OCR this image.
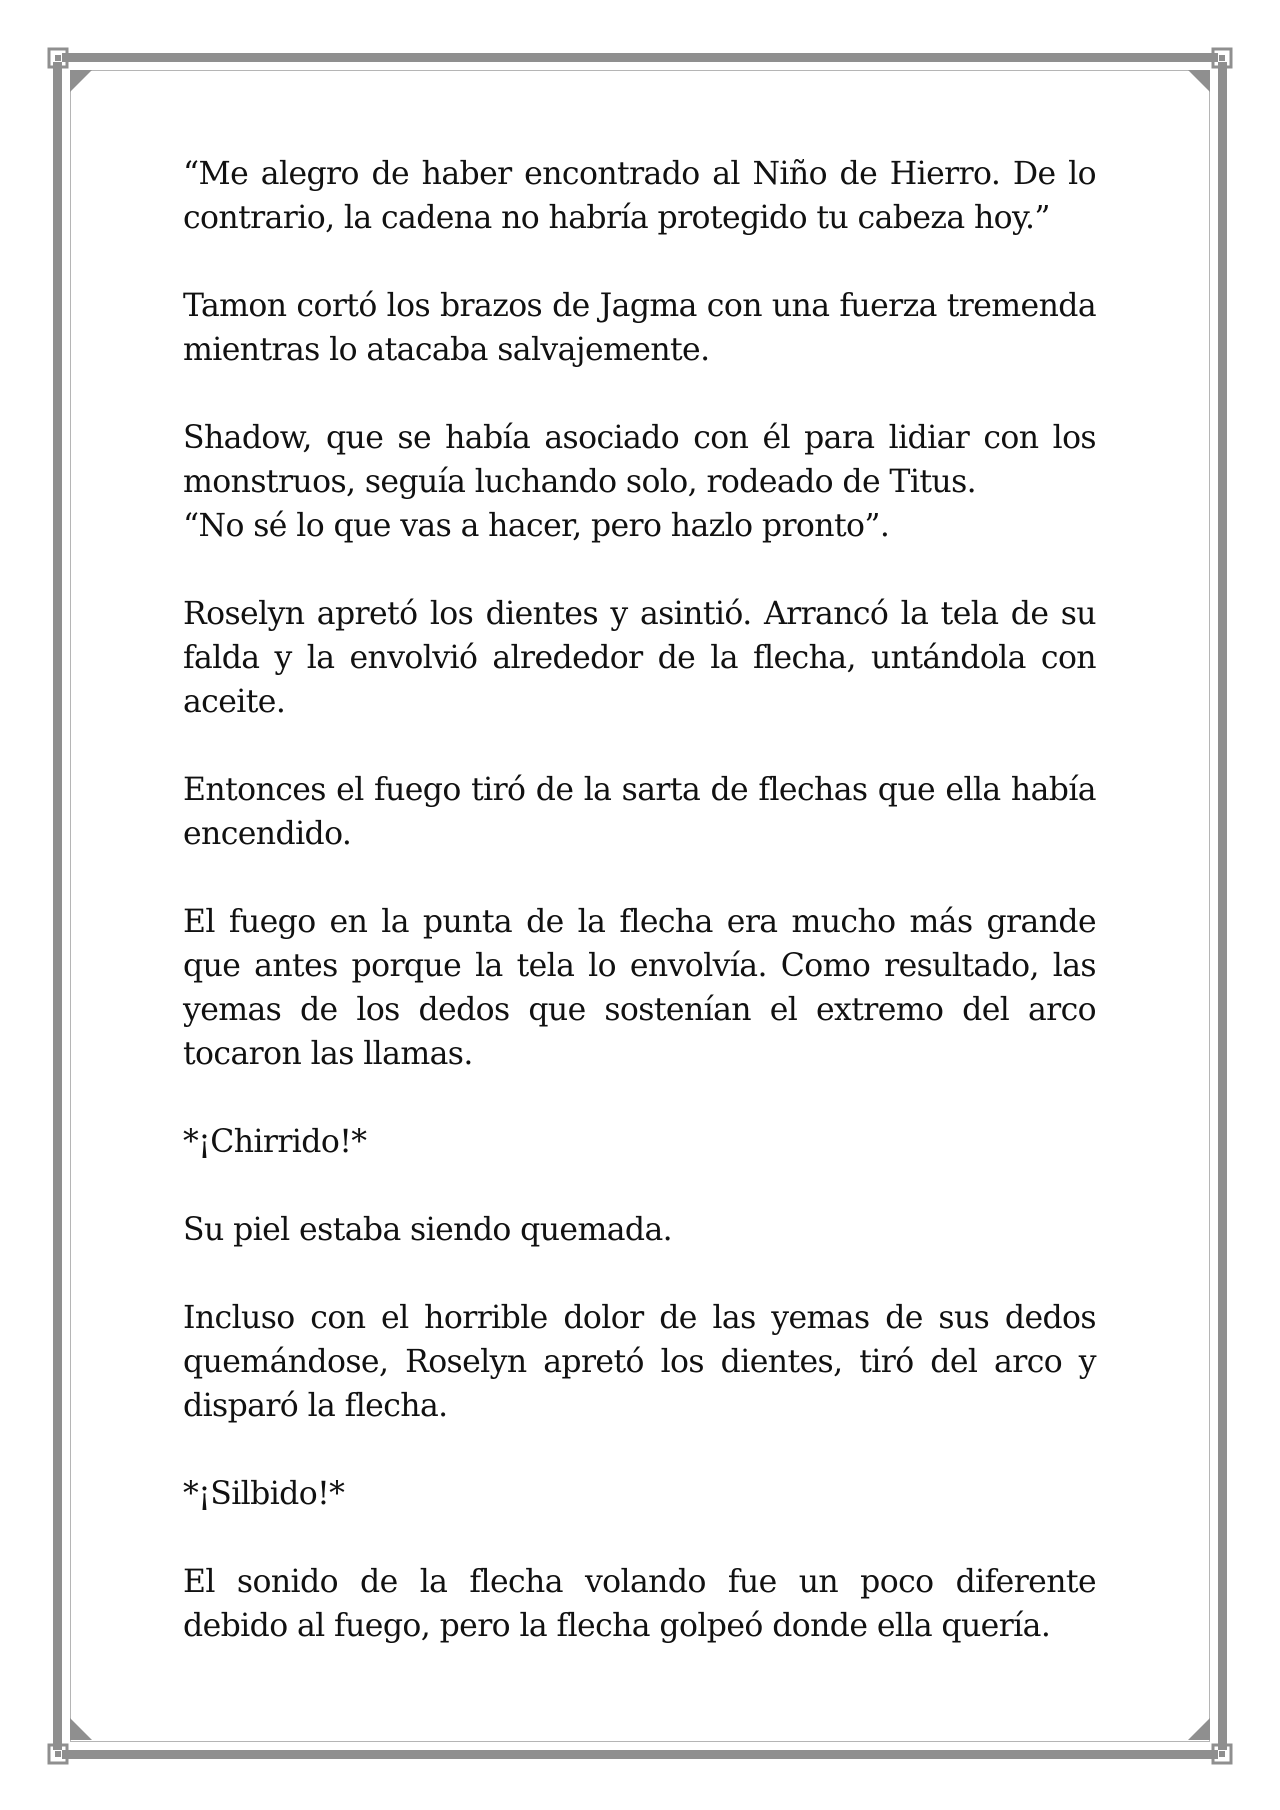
“Me alegro de haber encontrado al Niño de Hierro. De lo contrario, la cadena no habría protegido tu cabeza hoy.”

Tamon cortó los brazos de Jagma con una fuerza tremenda mientras lo atacaba salvajemente.

Shadow, que se había asociado con él para lidiar con los monstruos, seguía luchando solo, rodeado de Titus.
“No sé lo que vas a hacer, pero hazlo pronto”.

Roselyn apretó los dientes y asintió. Arrancó la tela de su falda y la envolvió alrededor de la flecha, untándola con aceite.

Entonces el fuego tiró de la sarta de flechas que ella había encendido.

El fuego en la punta de la flecha era mucho más grande que antes porque la tela lo envolvía. Como resultado, las yemas de los dedos que sostenían el extremo del arco tocaron las llamas.

*¡Chirrido!*

Su piel estaba siendo quemada.

Incluso con el horrible dolor de las yemas de sus dedos quemándose, Roselyn apretó los dientes, tiró del arco y disparó la flecha.

*¡Silbido!*

El sonido de la flecha volando fue un poco diferente debido al fuego, pero la flecha golpeó donde ella quería.
